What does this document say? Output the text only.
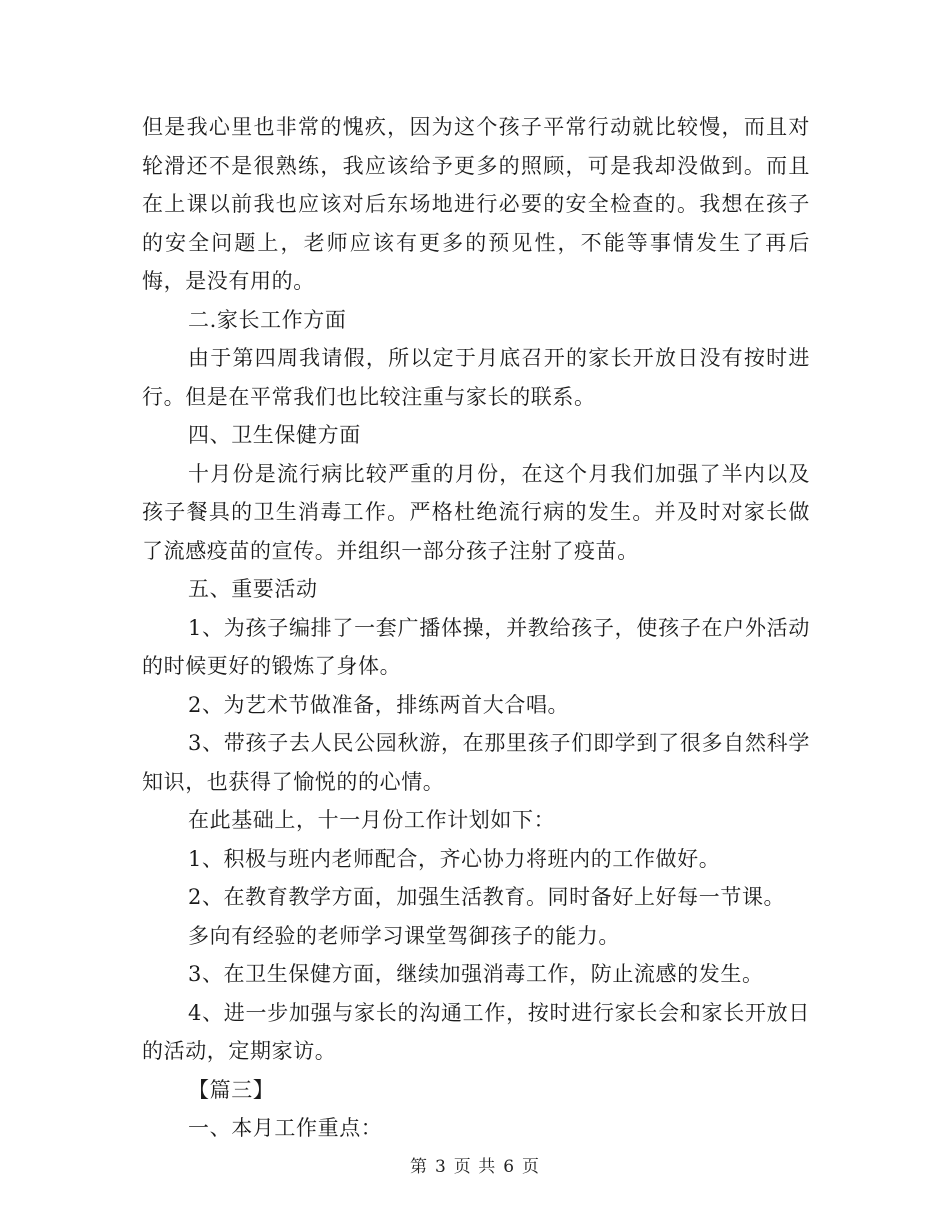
但是我心里也非常的愧疚，因为这个孩子平常行动就比较慢，而且对轮滑还不是很熟练，我应该给予更多的照顾，可是我却没做到。而且在上课以前我也应该对后东场地进行必要的安全检查的。我想在孩子的安全问题上，老师应该有更多的预见性，不能等事情发生了再后悔，是没有用的。

二.家长工作方面

由于第四周我请假，所以定于月底召开的家长开放日没有按时进行。但是在平常我们也比较注重与家长的联系。

四、卫生保健方面

十月份是流行病比较严重的月份，在这个月我们加强了半内以及孩子餐具的卫生消毒工作。严格杜绝流行病的发生。并及时对家长做了流感疫苗的宣传。并组织一部分孩子注射了疫苗。

五、重要活动

1、为孩子编排了一套广播体操，并教给孩子，使孩子在户外活动的时候更好的锻炼了身体。

2、为艺术节做准备，排练两首大合唱。

3、带孩子去人民公园秋游，在那里孩子们即学到了很多自然科学知识，也获得了愉悦的的心情。

在此基础上，十一月份工作计划如下：

1、积极与班内老师配合，齐心协力将班内的工作做好。

2、在教育教学方面，加强生活教育。同时备好上好每一节课。

多向有经验的老师学习课堂驾御孩子的能力。

3、在卫生保健方面，继续加强消毒工作，防止流感的发生。

4、进一步加强与家长的沟通工作，按时进行家长会和家长开放日的活动，定期家访。

【篇三】

一、本月工作重点：

第 3 页 共 6 页
